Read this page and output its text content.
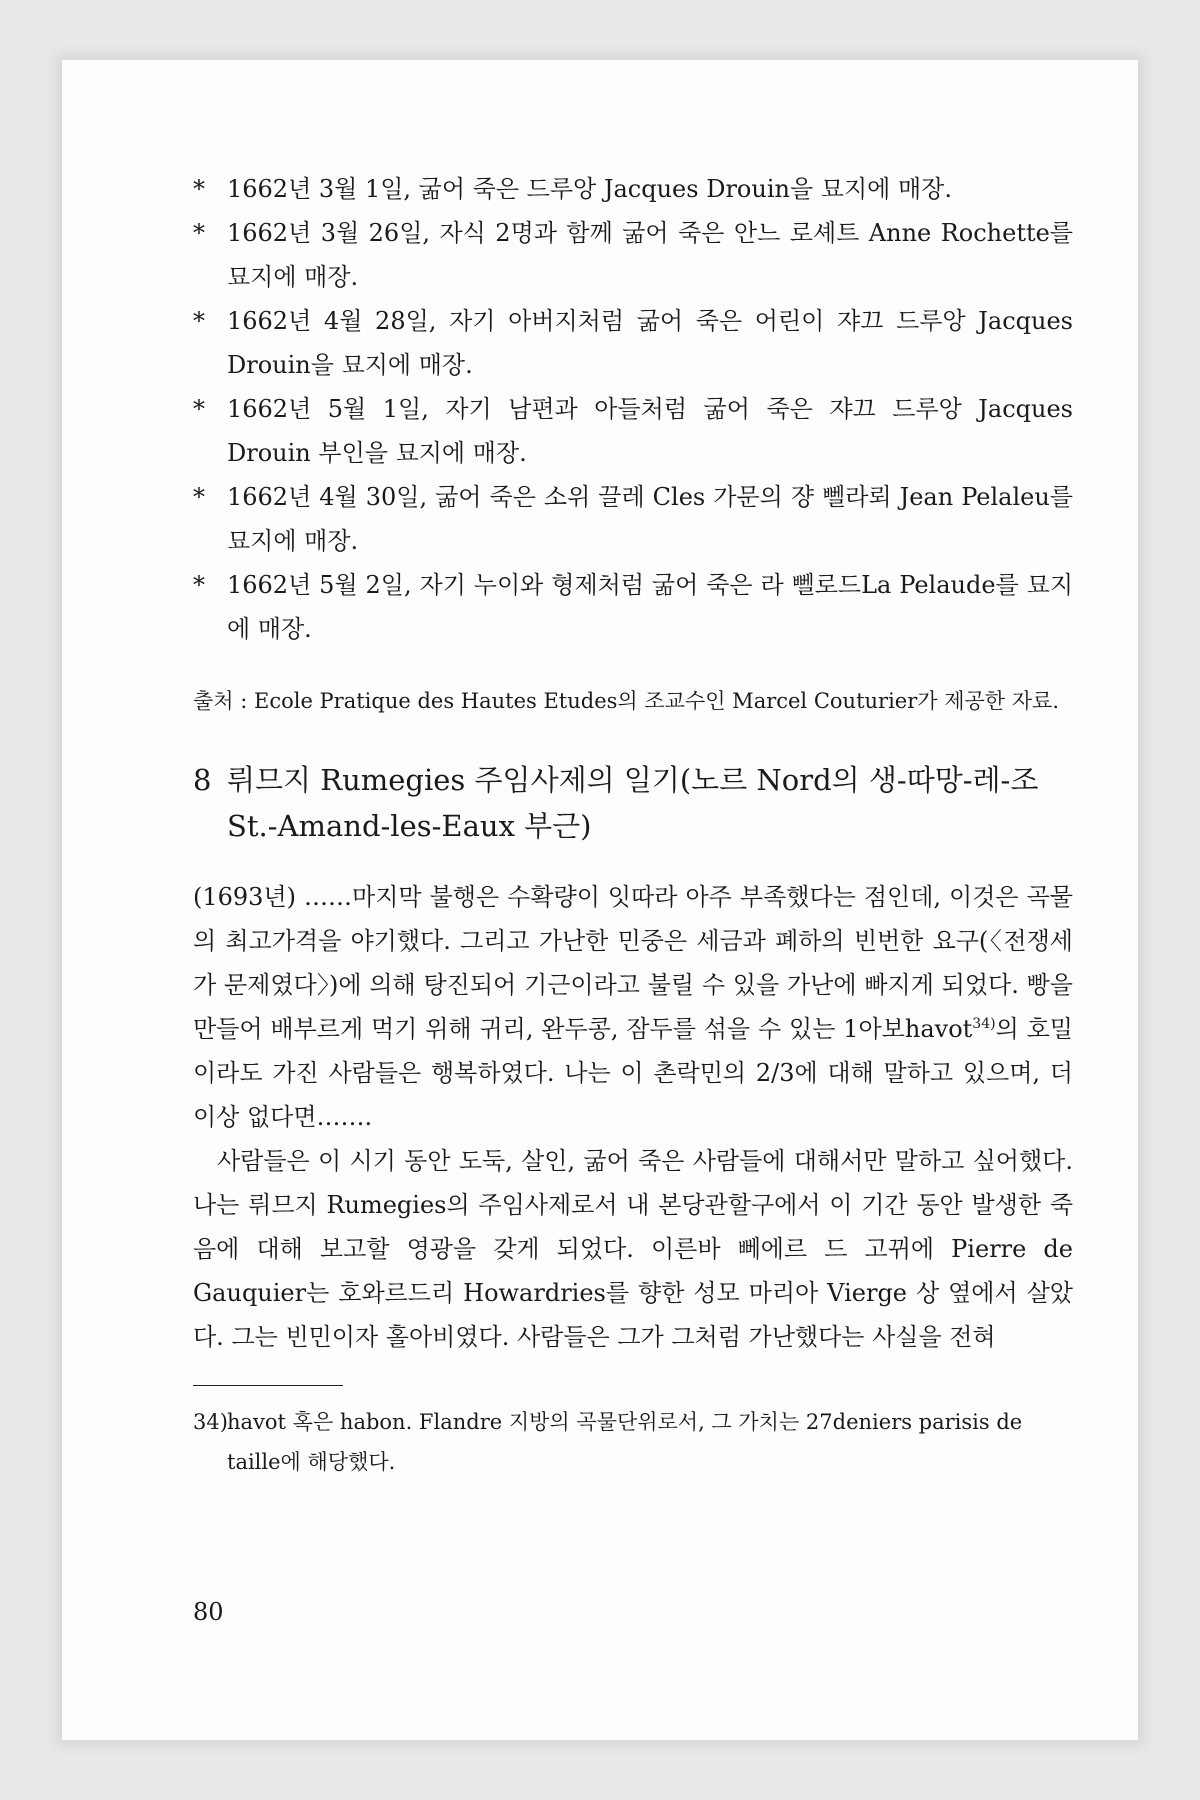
* 1662년 3월 1일, 굶어 죽은 드루앙 Jacques Drouin을 묘지에 매장.
* 1662년 3월 26일, 자식 2명과 함께 굶어 죽은 안느 로셰트 Anne Rochette를 묘지에 매장.
* 1662년 4월 28일, 자기 아버지처럼 굶어 죽은 어린이 쟈끄 드루앙 Jacques Drouin을 묘지에 매장.
* 1662년 5월 1일, 자기 남편과 아들처럼 굶어 죽은 쟈끄 드루앙 Jacques Drouin 부인을 묘지에 매장.
* 1662년 4월 30일, 굶어 죽은 소위 끌레 Cles 가문의 쟝 뻴라뢰 Jean Pelaleu를 묘지에 매장.
* 1662년 5월 2일, 자기 누이와 형제처럼 굶어 죽은 라 뻴로드La Pelaude를 묘지에 매장.
출처 : Ecole Pratique des Hautes Etudes의 조교수인 Marcel Couturier가 제공한 자료.
8 뤼므지 Rumegies 주임사제의 일기(노르 Nord의 생-따망-레-조 St.-Amand-les-Eaux 부근)

(1693년) ……마지막 불행은 수확량이 잇따라 아주 부족했다는 점인데, 이것은 곡물의 최고가격을 야기했다. 그리고 가난한 민중은 세금과 폐하의 빈번한 요구(〈전쟁세가 문제였다〉)에 의해 탕진되어 기근이라고 불릴 수 있을 가난에 빠지게 되었다. 빵을 만들어 배부르게 먹기 위해 귀리, 완두콩, 잠두를 섞을 수 있는 1아보havot$^{34)}$의 호밀이라도 가진 사람들은 행복하였다. 나는 이 촌락민의 2/3에 대해 말하고 있으며, 더 이상 없다면…….

사람들은 이 시기 동안 도둑, 살인, 굶어 죽은 사람들에 대해서만 말하고 싶어했다. 나는 뤼므지 Rumegies의 주임사제로서 내 본당관할구에서 이 기간 동안 발생한 죽음에 대해 보고할 영광을 갖게 되었다. 이른바 뻬에르 드 고뀌에 Pierre de Gauquier는 호와르드리 Howardries를 향한 성모 마리아 Vierge 상 옆에서 살았다. 그는 빈민이자 홀아비였다. 사람들은 그가 그처럼 가난했다는 사실을 전혀

34) havot 혹은 habon. Flandre 지방의 곡물단위로서, 그 가치는 27deniers parisis de taille에 해당했다.
80
